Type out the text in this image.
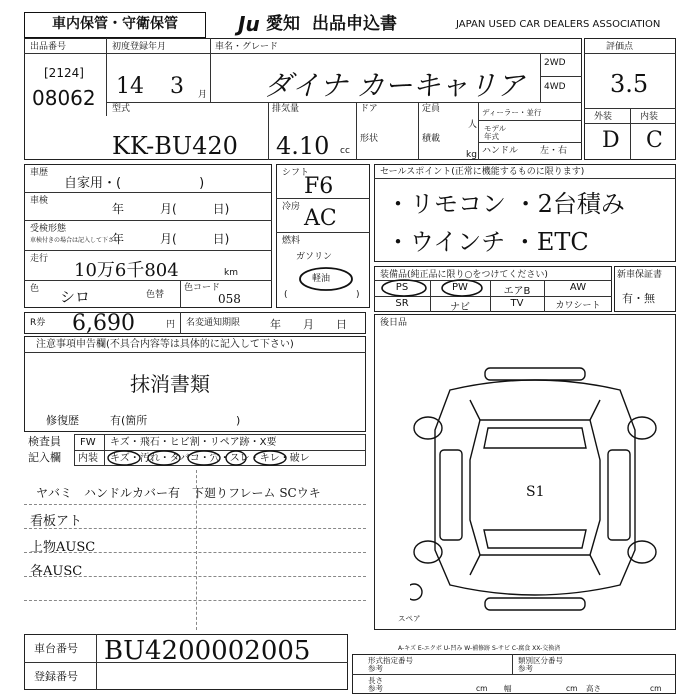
車内保管・守衛保管	Ju 愛知 出品申込書	JAPAN USED CAR DEALERS ASSOCIATION
出品番号
[2124]
08062
初度登録年月
14 3 月
車名・グレード
ダイナ カーキャリア
2WD
4WD
型式
KK-BU420
排気量
4.10 cc
ドア
形状
定員
人
積載
kg
ディーラー・並行
モデル
年式
ハンドル 左・右
評価点
3.5
外装	内装
D C
車歴
自家用・(　　　　　　)
車検
年　　　月(　　　日)
受検形態
車検付きの場合は記入して下さい
年　　　月(　　　日)
走行
10万6千804	km
色 シロ	色替
色コード
058
シフト
F6
冷房 AC
燃料
ガソリン
軽油
(	)
セールスポイント(正常に機能するものに限ります)
・リモコン ・2台積み
・ウインチ ・ETC
装備品(純正品に限り○をつけてください)
PS	PW	エアB	AW
SR	ナビ	TV	カワシート
新車保証書
有・無
R券 6,690	円 名変通知期限	年　　月　　日
注意事項申告欄(不具合内容等は具体的に記入して下さい)
抹消書類
修復歴	有(箇所	)
検査員
記入欄
FW キズ・飛石・ヒビ割・リペア跡・X要
内装 キズ・汚れ・タバコ・穴・スレ・キレ・破レ
ヤバミ　ハンドルカバー有　下廻りフレーム SCウキ
看板アト
上物AUSC
各AUSC
後日品
S1
スペア
車台番号 BU4200002005
登録番号
A-キズ E-エクボ U-凹み W-補修跡 S-サビ C-腐食 XX-交換済
形式指定番号
参考
類別区分番号
参考
長さ
参考	cm 幅	cm 高さ	cm
